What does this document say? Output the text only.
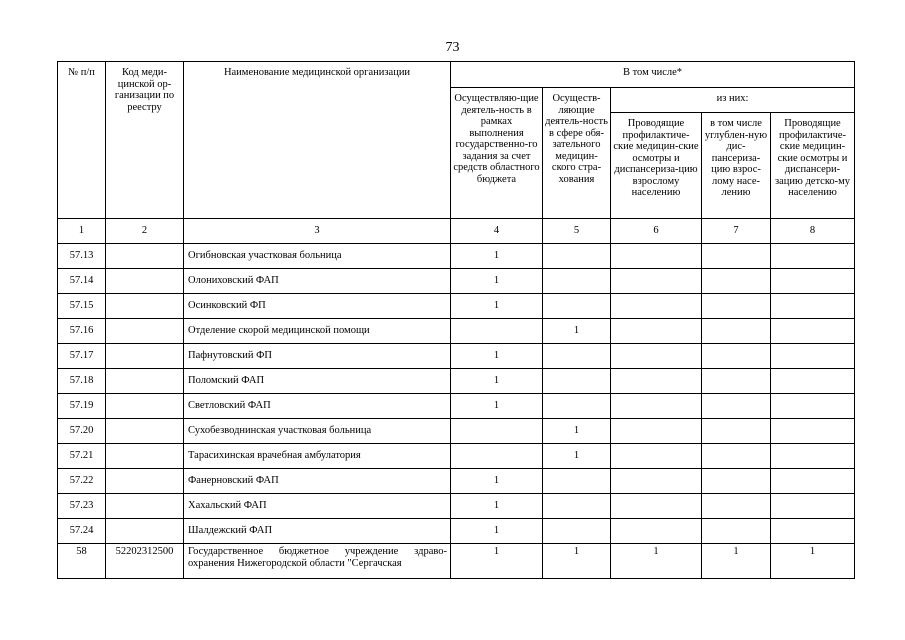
73
№ п/п	Код меди-цинской ор-ганизации по реестру	Наименование медицинской организации	В том числе*				
			Осуществляю-щие деятель-ность в рамках выполнения государственно-го задания за счет средств областного бюджета	Осуществ-ляющие деятель-ность в сфере обя-зательного медицин-ского стра-хования	из них:		
					Проводящие профилактиче-ские медицин-ские осмотры и диспансериза-цию взрослому населению	в том числе углублен-ную дис-пансериза-цию взрос-лому насе-лению	Проводящие профилактиче-ские медицин-ские осмотры и диспансери-зацию детско-му населению
1	2	3	4	5	6	7	8
57.13		Огибновская участковая больница	1				
57.14		Олониховский ФАП	1				
57.15		Осинковский ФП	1				
57.16		Отделение скорой медицинской помощи		1			
57.17		Пафнутовский ФП	1				
57.18		Поломский ФАП	1				
57.19		Светловский ФАП	1				
57.20		Сухобезводнинская участковая больница		1			
57.21		Тарасихинская врачебная амбулатория		1			
57.22		Фанерновский ФАП	1				
57.23		Хахальский ФАП	1				
57.24		Шалдежский ФАП	1				
58	52202312500	Государственное бюджетное учреждение здраво-охранения Нижегородской области "Сергачская	1	1	1	1	1
